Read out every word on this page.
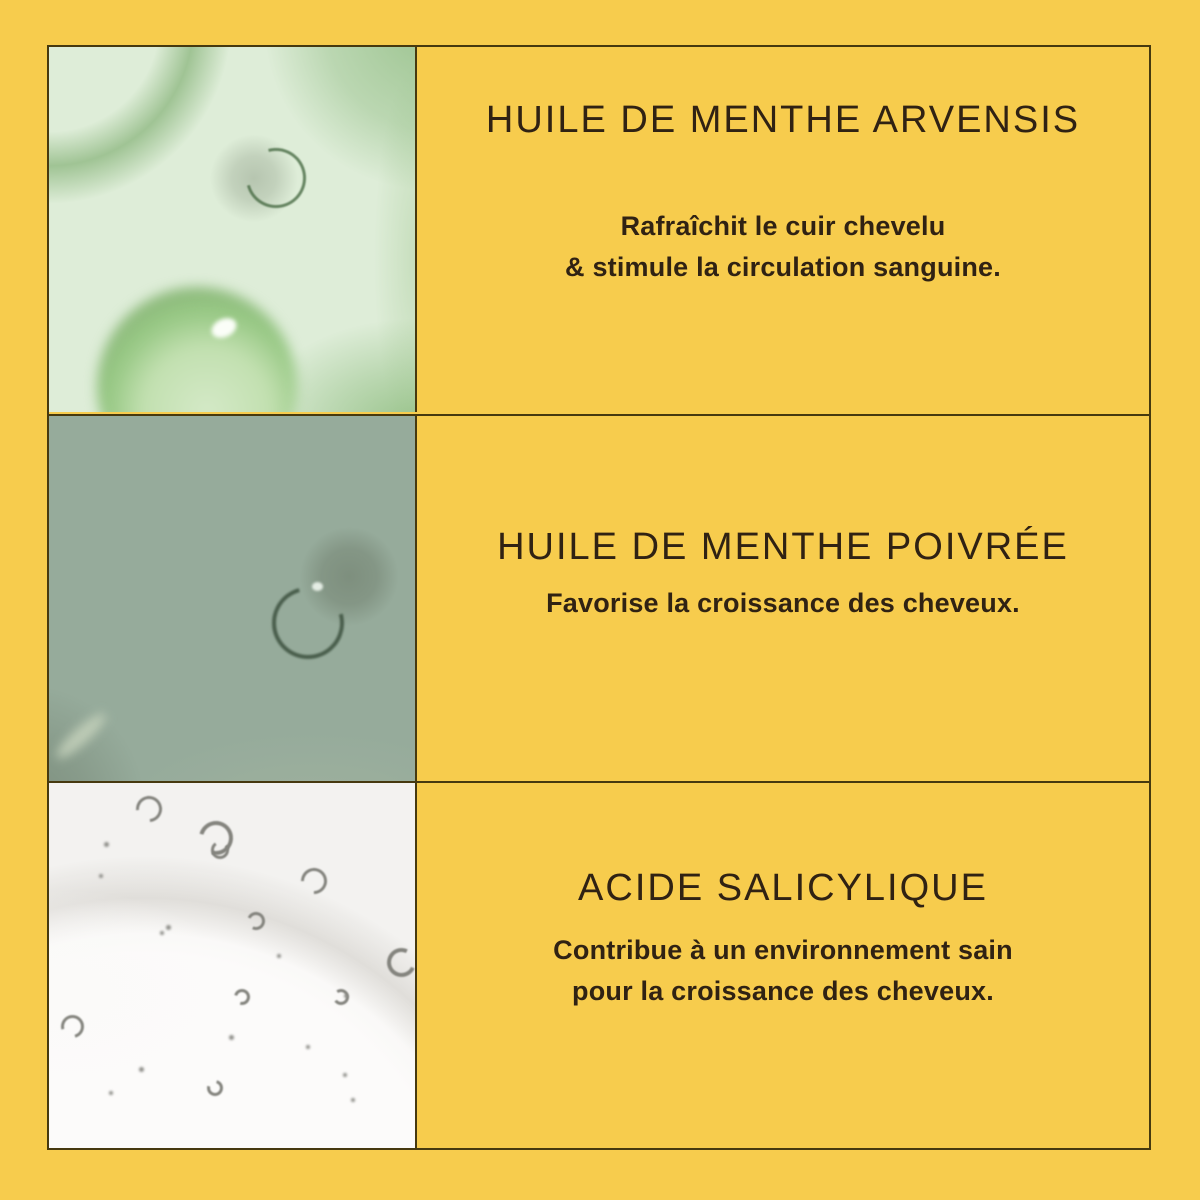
HUILE DE MENTHE ARVENSIS

Rafraîchit le cuir chevelu
& stimule la circulation sanguine.

HUILE DE MENTHE POIVRÉE

Favorise la croissance des cheveux.

ACIDE SALICYLIQUE

Contribue à un environnement sain
pour la croissance des cheveux.
